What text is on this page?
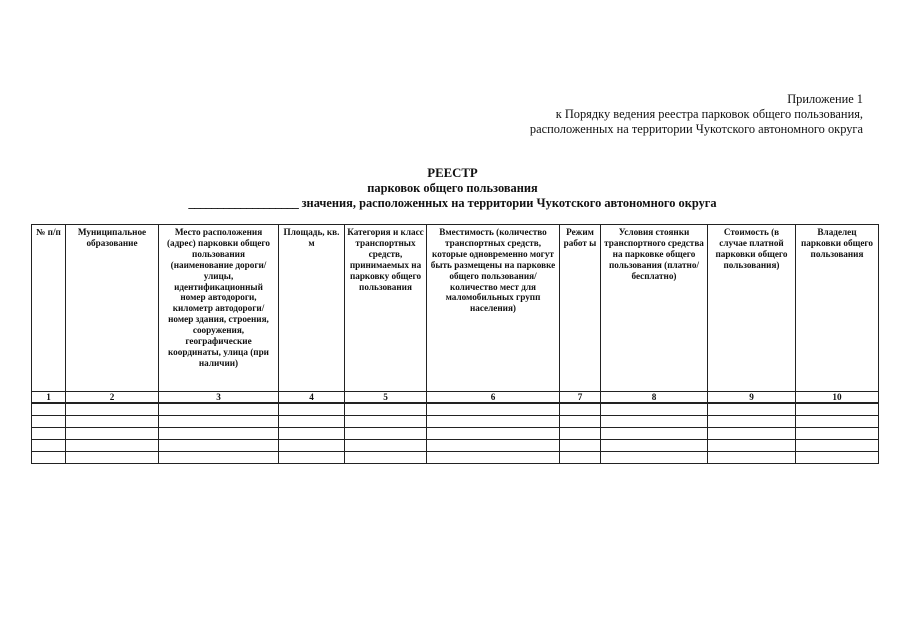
Приложение 1
к Порядку ведения реестра парковок общего пользования,
расположенных на территории Чукотского автономного округа
РЕЕСТР
парковок общего пользования
___________________ значения, расположенных на территории Чукотского автономного округа
№ п/п	Муниципальное образование	Место расположения (адрес) парковки общего пользования (наименование дороги/улицы, идентификационный номер автодороги, километр автодороги/номер здания, строения, сооружения, географические координаты, улица (при наличии)	Площадь, кв. м	Категория и класс транспортных средств, принимаемых на парковку общего пользования	Вместимость (количество транспортных средств, которые одновременно могут быть размещены на парковке общего пользования/количество мест для маломобильных групп населения)	Режим работ ы	Условия стоянки транспортного средства на парковке общего пользования (платно/бесплатно)	Стоимость (в случае платной парковки общего пользования)	Владелец парковки общего пользования
1	2	3	4	5	6	7	8	9	10
